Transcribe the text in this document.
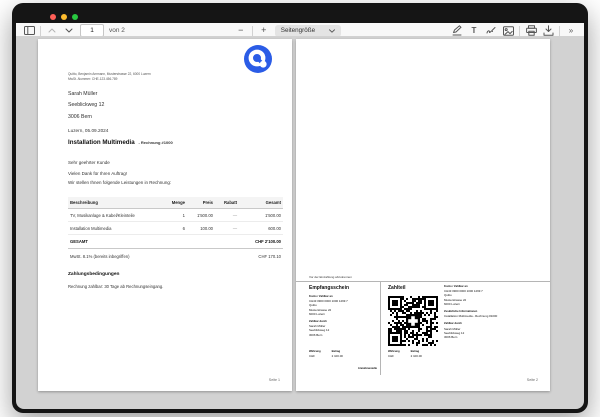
1
von 2	− + Seitengröße	T	»
Quitto, Benjamin Ammann, Musterstrasse 22, 6000 Luzern
MwSt.-Nummer: CHE-123.456.789
Sarah Müller
Seeblickweg 12
3006 Bern
Luzern, 05.09.2024
Installation Multimedia - Rechnung #1000
Sehr geehrter Kunde
Vielen Dank für Ihren Auftrag!
Wir stellen Ihnen folgende Leistungen in Rechnung:
Beschreibung	Menge	Preis	Rabatt	Gesamt
TV, Musikanlage & Kabel/Kleinteile	1	1'500.00	—	1'500.00
Installation Multimedia	6	100.00	—	600.00
GESAMT	CHF 2'100.00
MwSt. 8.1% (bereits inbegriffen)	CHF 170.10
Zahlungsbedingungen
Rechnung zahlbar: 30 Tage ab Rechnungseingang.
Seite 1
Vor der Einzahlung abzutrennen
Empfangsschein	Zahlteil
Konto / Zahlbar an
CH43 0900 0000 1000 1299 7
Quitto
Musterstrasse 22
6000 Luzern
Zahlbar durch
Sarah Müller
Seeblickweg 12
3006 Bern
Währung
CHF
Betrag
2 100.00
Annahmestelle
Währung
CHF
Betrag
2 100.00
Konto / Zahlbar an
CH43 0900 0000 1000 1299 7
Quitto
Musterstrasse 22
6000 Luzern
Zusätzliche Informationen
Installation Multimedia - Rechnung #1000
Zahlbar durch
Sarah Müller
Seeblickweg 12
3006 Bern
Seite 2
